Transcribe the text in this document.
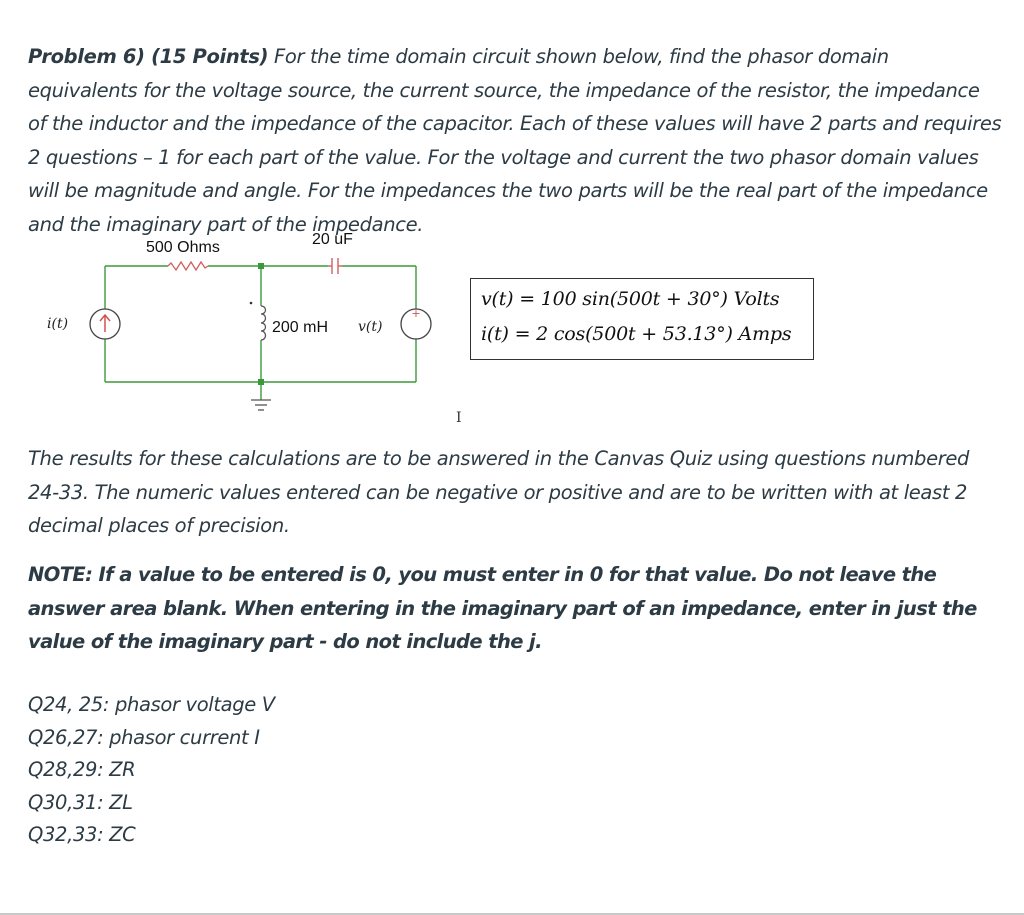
Problem 6) (15 Points) For the time domain circuit shown below, find the phasor domain equivalents for the voltage source, the current source, the impedance of the resistor, the impedance of the inductor and the impedance of the capacitor. Each of these values will have 2 parts and requires 2 questions – 1 for each part of the value. For the voltage and current the two phasor domain values will be magnitude and angle. For the impedances the two parts will be the real part of the impedance and the imaginary part of the impedance.
+
500 Ohms	20 uF
200 mH
i(t)	v(t)
v(t) = 100 sin(500t + 30°) Volts
i(t) = 2 cos(500t + 53.13°) Amps
I
The results for these calculations are to be answered in the Canvas Quiz using questions numbered 24-33. The numeric values entered can be negative or positive and are to be written with at least 2 decimal places of precision.
NOTE: If a value to be entered is 0, you must enter in 0 for that value. Do not leave the answer area blank. When entering in the imaginary part of an impedance, enter in just the value of the imaginary part - do not include the j.
Q24, 25: phasor voltage V
Q26,27: phasor current I
Q28,29: ZR
Q30,31: ZL
Q32,33: ZC
